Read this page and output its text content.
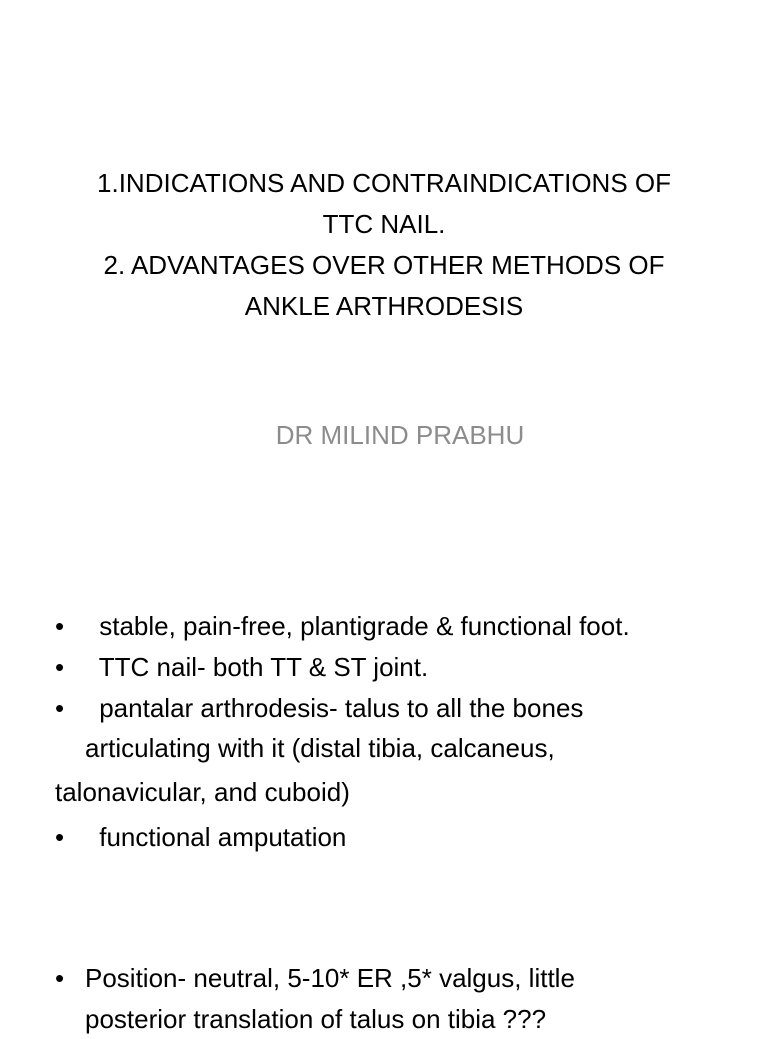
1.INDICATIONS AND CONTRAINDICATIONS OF
TTC NAIL.
2. ADVANTAGES OVER OTHER METHODS OF
ANKLE ARTHRODESIS
DR MILIND PRABHU
• stable, pain-free, plantigrade & functional foot.
• TTC nail- both TT & ST joint.
• pantalar arthrodesis- talus to all the bones
articulating with it (distal tibia, calcaneus,
talonavicular, and cuboid)
• functional amputation
• Position- neutral, 5-10* ER ,5* valgus, little
posterior translation of talus on tibia ???
